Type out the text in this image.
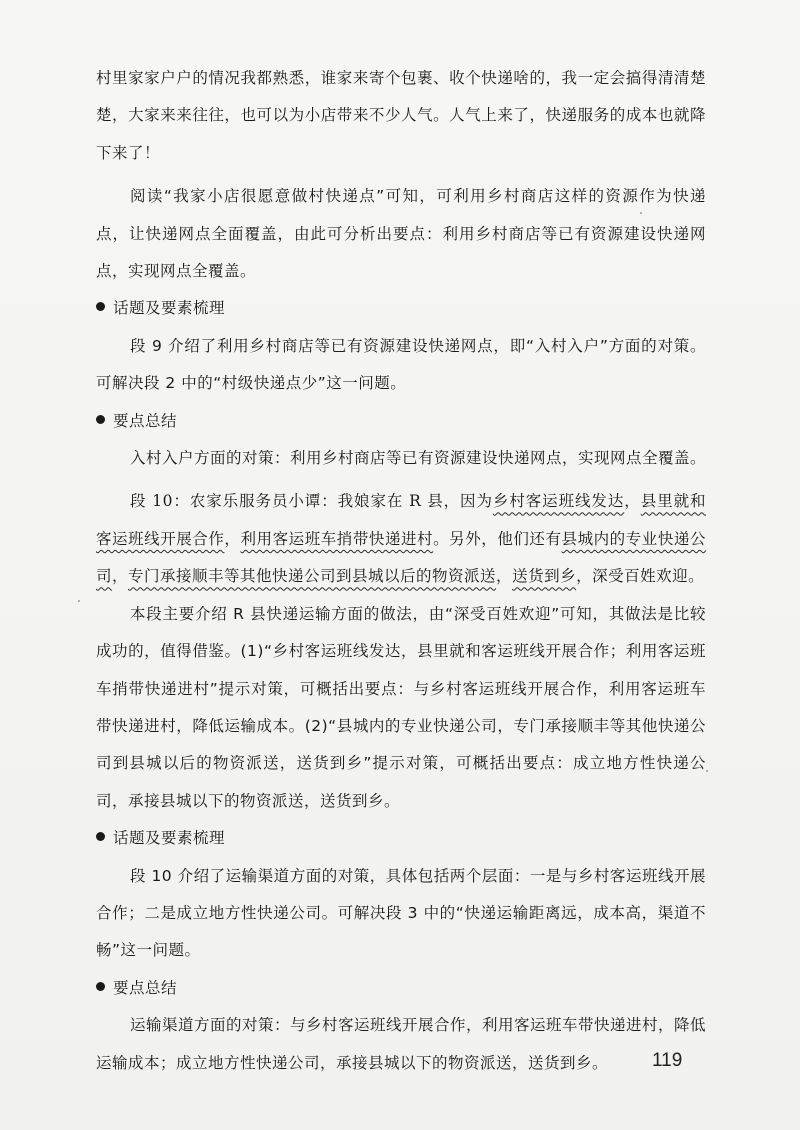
村里家家户户的情况我都熟悉，谁家来寄个包裹、收个快递啥的，我一定会搞得清清楚楚，大家来来往往，也可以为小店带来不少人气。人气上来了，快递服务的成本也就降下来了！

阅读“我家小店很愿意做村快递点”可知，可利用乡村商店这样的资源作为快递点，让快递网点全面覆盖，由此可分析出要点：利用乡村商店等已有资源建设快递网点，实现网点全覆盖。

话题及要素梳理

段 9 介绍了利用乡村商店等已有资源建设快递网点，即“入村入户”方面的对策。可解决段 2 中的“村级快递点少”这一问题。

要点总结

入村入户方面的对策：利用乡村商店等已有资源建设快递网点，实现网点全覆盖。

段 10：农家乐服务员小谭：我娘家在 R 县，因为乡村客运班线发达，县里就和客运班线开展合作，利用客运班车捎带快递进村。另外，他们还有县城内的专业快递公司，专门承接顺丰等其他快递公司到县城以后的物资派送，送货到乡，深受百姓欢迎。

本段主要介绍 R 县快递运输方面的做法，由“深受百姓欢迎”可知，其做法是比较成功的，值得借鉴。(1)“乡村客运班线发达，县里就和客运班线开展合作；利用客运班车捎带快递进村”提示对策，可概括出要点：与乡村客运班线开展合作，利用客运班车带快递进村，降低运输成本。(2)“县城内的专业快递公司，专门承接顺丰等其他快递公司到县城以后的物资派送，送货到乡”提示对策，可概括出要点：成立地方性快递公司，承接县城以下的物资派送，送货到乡。

话题及要素梳理

段 10 介绍了运输渠道方面的对策，具体包括两个层面：一是与乡村客运班线开展合作；二是成立地方性快递公司。可解决段 3 中的“快递运输距离远，成本高，渠道不畅”这一问题。

要点总结

运输渠道方面的对策：与乡村客运班线开展合作，利用客运班车带快递进村，降低运输成本；成立地方性快递公司，承接县城以下的物资派送，送货到乡。	119
